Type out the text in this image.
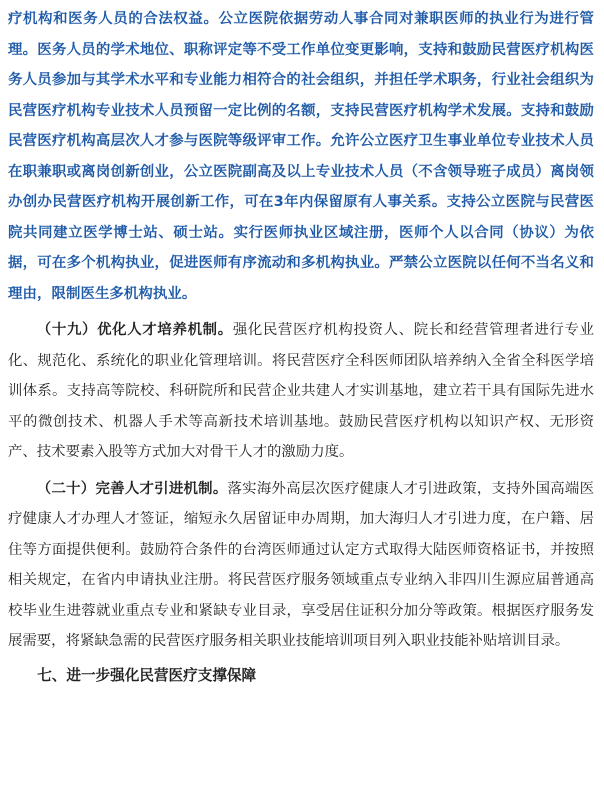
疗机构和医务人员的合法权益。公立医院依据劳动人事合同对兼职医师的执业行为进行管理。医务人员的学术地位、职称评定等不受工作单位变更影响，支持和鼓励民营医疗机构医务人员参加与其学术水平和专业能力相符合的社会组织，并担任学术职务，行业社会组织为民营医疗机构专业技术人员预留一定比例的名额，支持民营医疗机构学术发展。支持和鼓励民营医疗机构高层次人才参与医院等级评审工作。允许公立医疗卫生事业单位专业技术人员在职兼职或离岗创新创业，公立医院副高及以上专业技术人员（不含领导班子成员）离岗领办创办民营医疗机构开展创新工作，可在3年内保留原有人事关系。支持公立医院与民营医院共同建立医学博士站、硕士站。实行医师执业区域注册，医师个人以合同（协议）为依据，可在多个机构执业，促进医师有序流动和多机构执业。严禁公立医院以任何不当名义和理由，限制医生多机构执业。

（十九）优化人才培养机制。强化民营医疗机构投资人、院长和经营管理者进行专业化、规范化、系统化的职业化管理培训。将民营医疗全科医师团队培养纳入全省全科医学培训体系。支持高等院校、科研院所和民营企业共建人才实训基地，建立若干具有国际先进水平的微创技术、机器人手术等高新技术培训基地。鼓励民营医疗机构以知识产权、无形资产、技术要素入股等方式加大对骨干人才的激励力度。

（二十）完善人才引进机制。落实海外高层次医疗健康人才引进政策，支持外国高端医疗健康人才办理人才签证，缩短永久居留证申办周期，加大海归人才引进力度，在户籍、居住等方面提供便利。鼓励符合条件的台湾医师通过认定方式取得大陆医师资格证书，并按照相关规定，在省内申请执业注册。将民营医疗服务领域重点专业纳入非四川生源应届普通高校毕业生进蓉就业重点专业和紧缺专业目录，享受居住证积分加分等政策。根据医疗服务发展需要，将紧缺急需的民营医疗服务相关职业技能培训项目列入职业技能补贴培训目录。

七、进一步强化民营医疗支撑保障
